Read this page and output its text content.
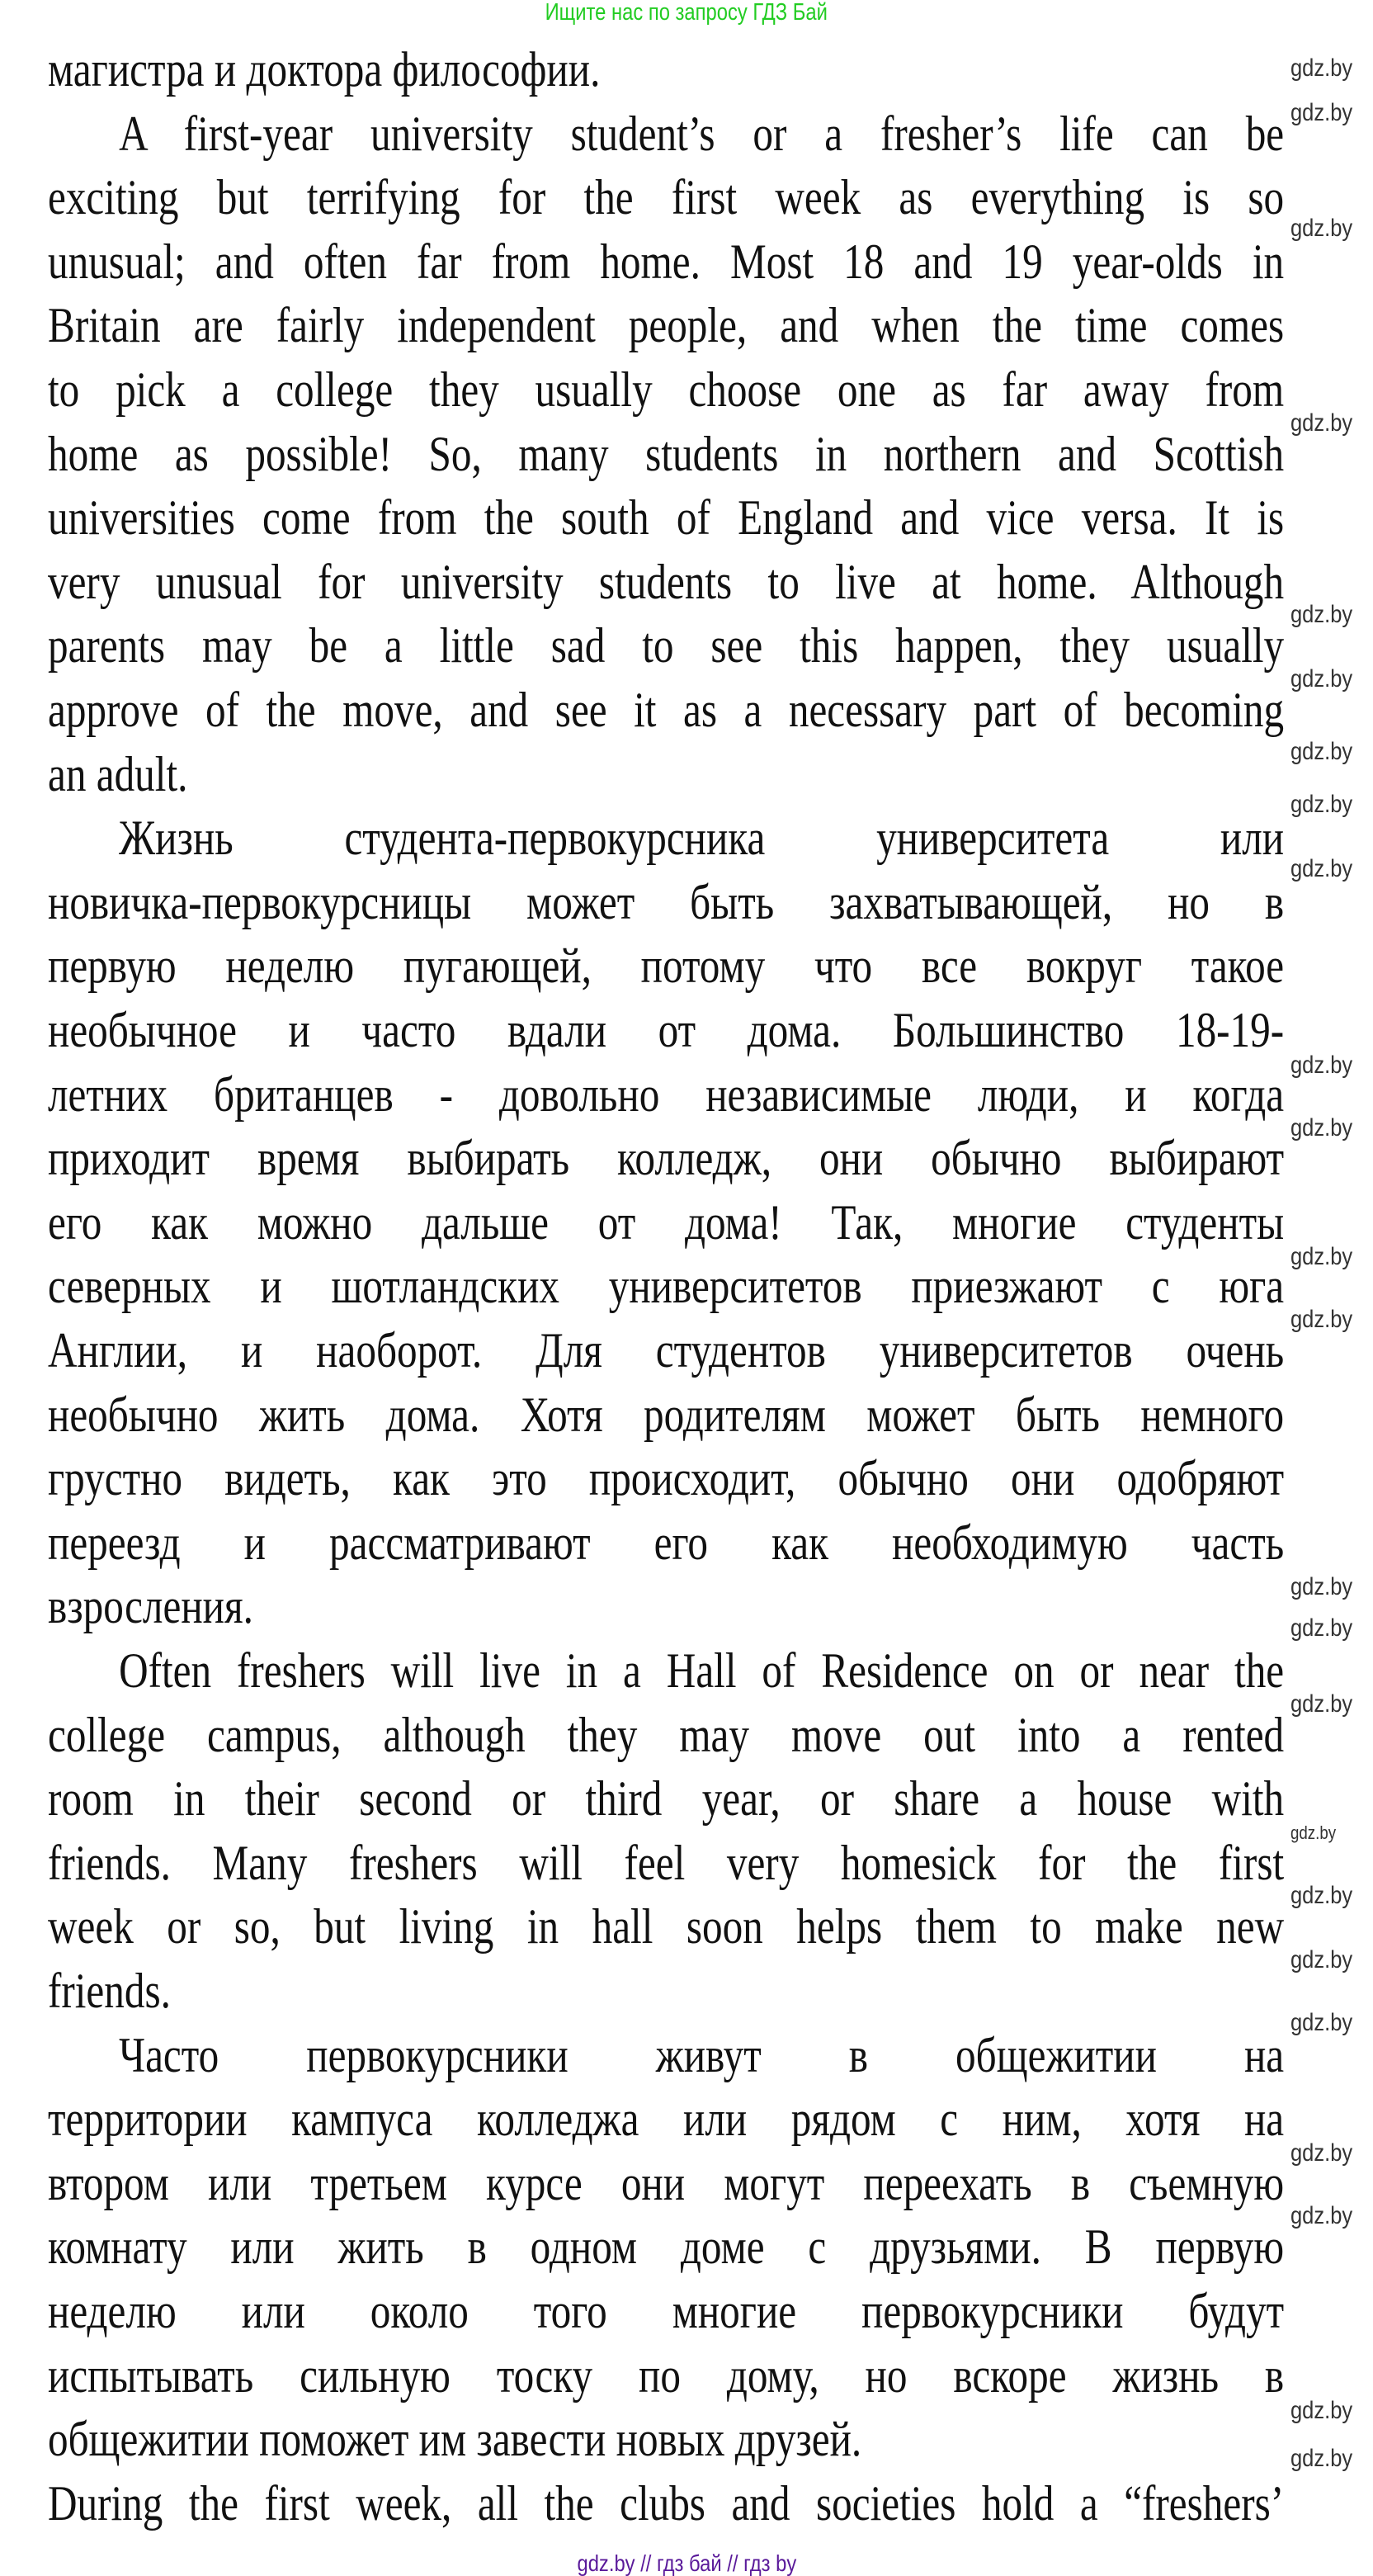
Ищите нас по запросу ГДЗ Бай
магистра и доктора философии.
A first-year university student’s or a fresher’s life can be
exciting but terrifying for the first week as everything is so
unusual; and often far from home. Most 18 and 19 year-olds in
Britain are fairly independent people, and when the time comes
to pick a college they usually choose one as far away from
home as possible! So, many students in northern and Scottish
universities come from the south of England and vice versa. It is
very unusual for university students to live at home. Although
parents may be a little sad to see this happen, they usually
approve of the move, and see it as a necessary part of becoming
an adult.
Жизнь студента-первокурсника университета или
новичка-первокурсницы может быть захватывающей, но в
первую неделю пугающей, потому что все вокруг такое
необычное и часто вдали от дома. Большинство 18-19-
летних британцев - довольно независимые люди, и когда
приходит время выбирать колледж, они обычно выбирают
его как можно дальше от дома! Так, многие студенты
северных и шотландских университетов приезжают с юга
Англии, и наоборот. Для студентов университетов очень
необычно жить дома. Хотя родителям может быть немного
грустно видеть, как это происходит, обычно они одобряют
переезд и рассматривают его как необходимую часть
взросления.
Often freshers will live in a Hall of Residence on or near the
college campus, although they may move out into a rented
room in their second or third year, or share a house with
friends. Many freshers will feel very homesick for the first
week or so, but living in hall soon helps them to make new
friends.
Часто первокурсники живут в общежитии на
территории кампуса колледжа или рядом с ним, хотя на
втором или третьем курсе они могут переехать в съемную
комнату или жить в одном доме с друзьями. В первую
неделю или около того многие первокурсники будут
испытывать сильную тоску по дому, но вскоре жизнь в
общежитии поможет им завести новых друзей.
During the first week, all the clubs and societies hold a “freshers’
gdz.by
gdz.by
gdz.by
gdz.by
gdz.by
gdz.by
gdz.by
gdz.by
gdz.by
gdz.by
gdz.by
gdz.by
gdz.by
gdz.by
gdz.by
gdz.by
gdz.by
gdz.by
gdz.by
gdz.by
gdz.by
gdz.by
gdz.by
gdz.by
gdz.by // гдз бай // гдз by
